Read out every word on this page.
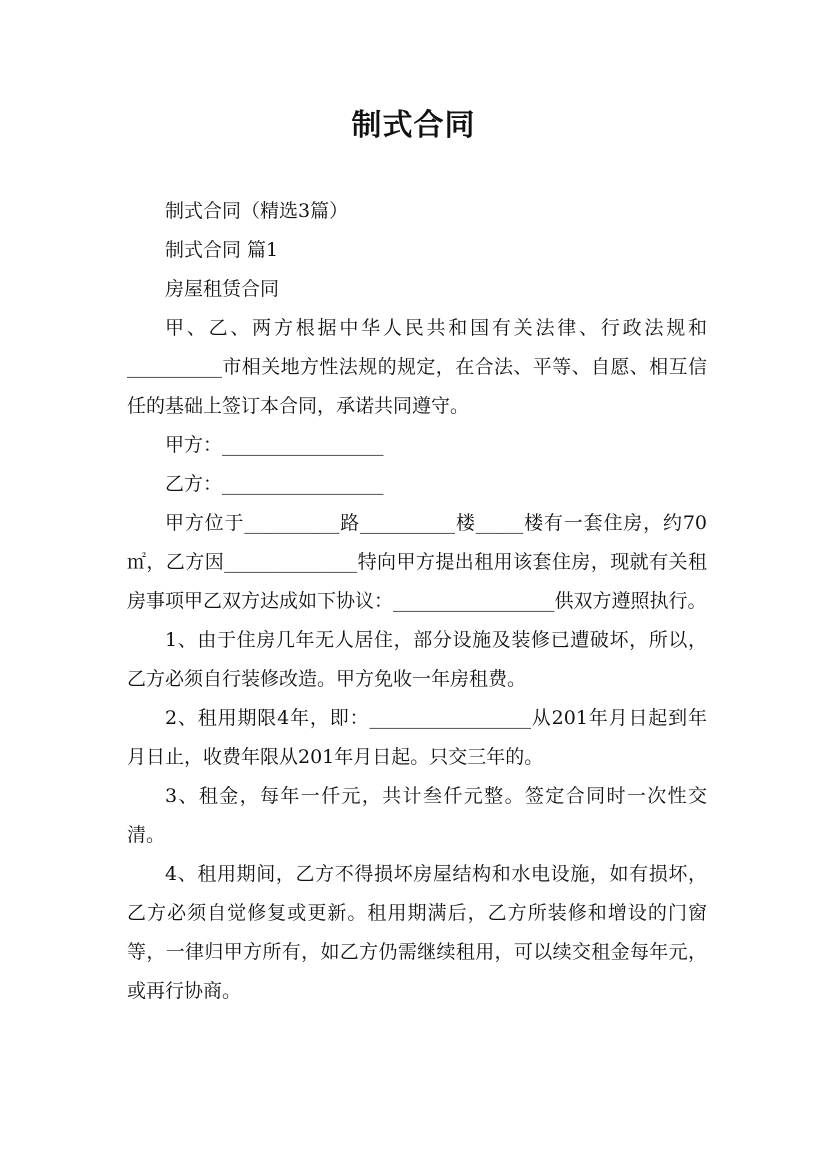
制式合同

制式合同（精选3篇）

制式合同 篇1

房屋租赁合同

甲、乙、两方根据中华人民共和国有关法律、行政法规和__________市相关地方性法规的规定，在合法、平等、自愿、相互信任的基础上签订本合同，承诺共同遵守。

甲方：_________________

乙方：_________________

甲方位于__________路__________楼_____楼有一套住房，约70㎡，乙方因______________特向甲方提出租用该套住房，现就有关租房事项甲乙双方达成如下协议：_________________供双方遵照执行。

1、由于住房几年无人居住，部分设施及装修已遭破坏，所以，乙方必须自行装修改造。甲方免收一年房租费。

2、租用期限4年，即：_________________从201年月日起到年月日止，收费年限从201年月日起。只交三年的。

3、租金，每年一仟元，共计叁仟元整。签定合同时一次性交清。

4、租用期间，乙方不得损坏房屋结构和水电设施，如有损坏，乙方必须自觉修复或更新。租用期满后，乙方所装修和增设的门窗等，一律归甲方所有，如乙方仍需继续租用，可以续交租金每年元，或再行协商。
